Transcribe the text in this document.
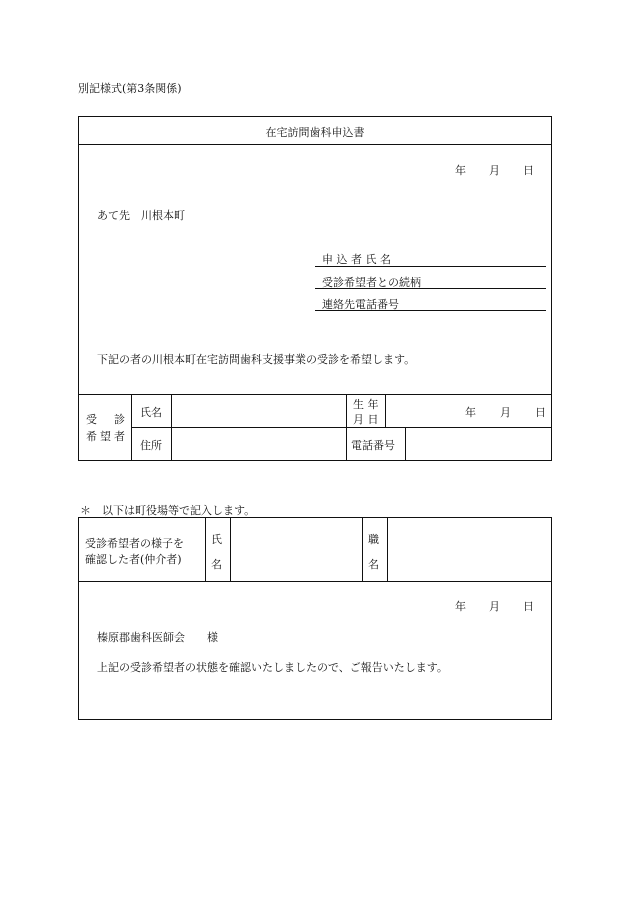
別記様式(第3条関係)
在宅訪問歯科申込書
年 月 日
あて先　川根本町
申 込 者 氏 名
受診希望者との続柄
連絡先電話番号
下記の者の川根本町在宅訪問歯科支援事業の受診を希望します。
受　診
希望者
氏名
住所
生 年
月 日
年 月 日
電話番号
＊　以下は町役場等で記入します。
受診希望者の様子を
確認した者(仲介者)
氏
名
職
名
年 月 日
榛原郡歯科医師会　　様
上記の受診希望者の状態を確認いたしましたので、ご報告いたします。
